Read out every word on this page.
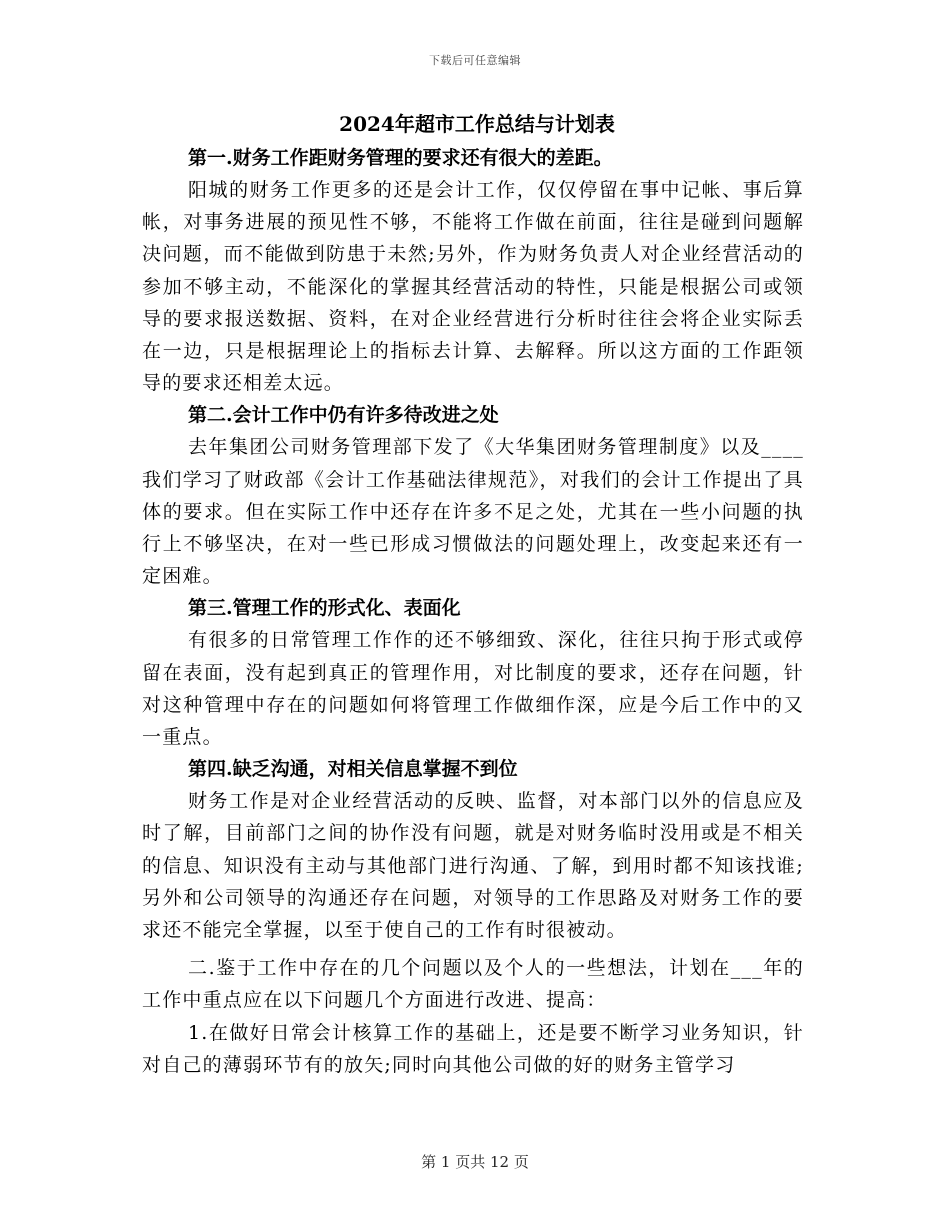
下载后可任意编辑
2024年超市工作总结与计划表

第一.财务工作距财务管理的要求还有很大的差距。

阳城的财务工作更多的还是会计工作，仅仅停留在事中记帐、事后算帐，对事务进展的预见性不够，不能将工作做在前面，往往是碰到问题解决问题，而不能做到防患于未然;另外，作为财务负责人对企业经营活动的参加不够主动，不能深化的掌握其经营活动的特性，只能是根据公司或领导的要求报送数据、资料，在对企业经营进行分析时往往会将企业实际丢在一边，只是根据理论上的指标去计算、去解释。所以这方面的工作距领导的要求还相差太远。

第二.会计工作中仍有许多待改进之处

去年集团公司财务管理部下发了《大华集团财务管理制度》以及____我们学习了财政部《会计工作基础法律规范》，对我们的会计工作提出了具体的要求。但在实际工作中还存在许多不足之处，尤其在一些小问题的执行上不够坚决，在对一些已形成习惯做法的问题处理上，改变起来还有一定困难。

第三.管理工作的形式化、表面化

有很多的日常管理工作作的还不够细致、深化，往往只拘于形式或停留在表面，没有起到真正的管理作用，对比制度的要求，还存在问题，针对这种管理中存在的问题如何将管理工作做细作深，应是今后工作中的又一重点。

第四.缺乏沟通，对相关信息掌握不到位

财务工作是对企业经营活动的反映、监督，对本部门以外的信息应及时了解，目前部门之间的协作没有问题，就是对财务临时没用或是不相关的信息、知识没有主动与其他部门进行沟通、了解，到用时都不知该找谁;另外和公司领导的沟通还存在问题，对领导的工作思路及对财务工作的要求还不能完全掌握，以至于使自己的工作有时很被动。

二.鉴于工作中存在的几个问题以及个人的一些想法，计划在___年的工作中重点应在以下问题几个方面进行改进、提高：

1.在做好日常会计核算工作的基础上，还是要不断学习业务知识，针对自己的薄弱环节有的放矢;同时向其他公司做的好的财务主管学习

第 1 页共 12 页
